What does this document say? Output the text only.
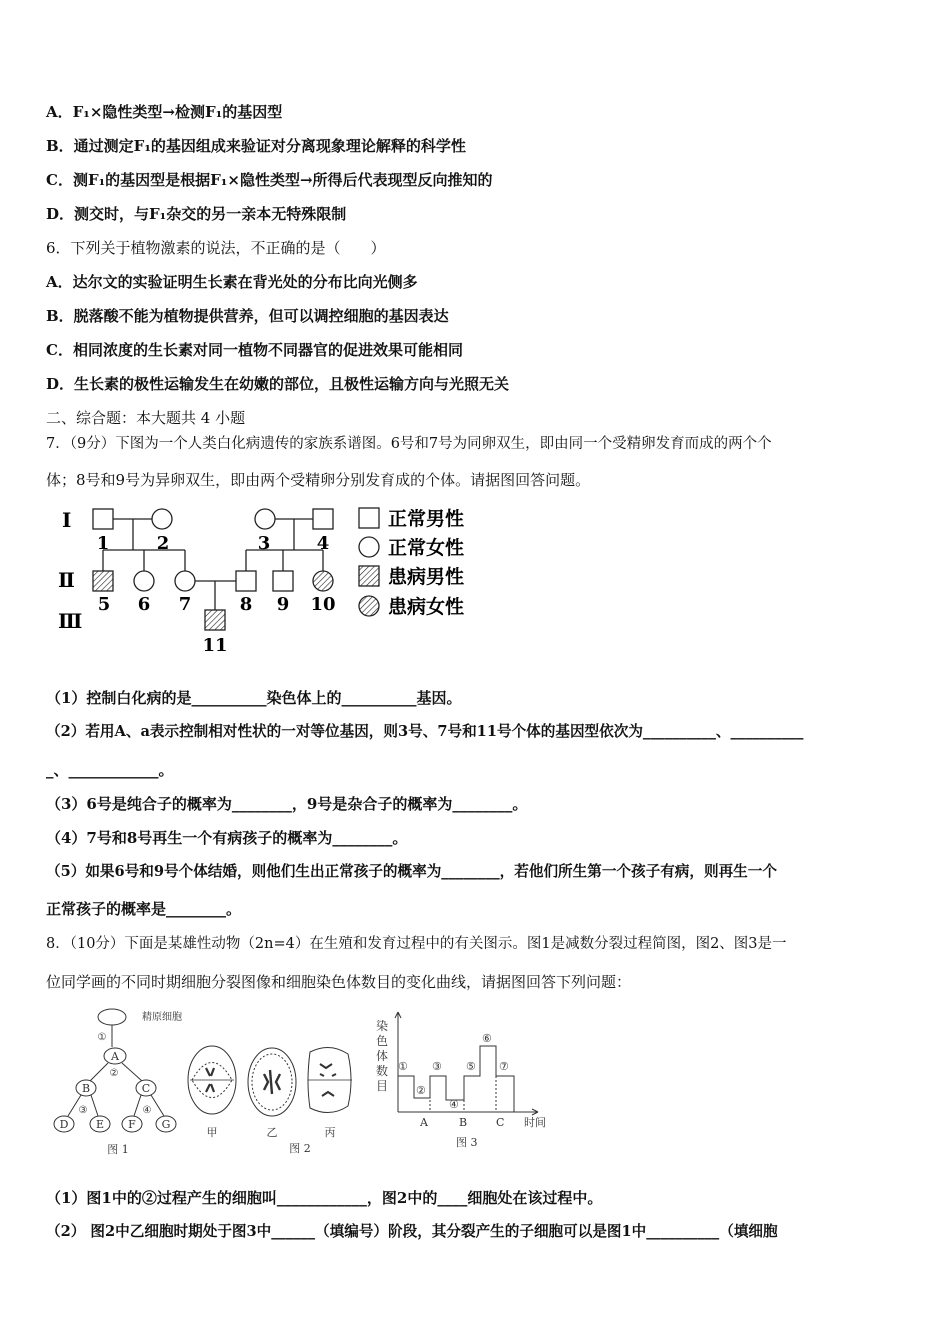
A．F₁×隐性类型→检测F₁的基因型
B．通过测定F₁的基因组成来验证对分离现象理论解释的科学性
C．测F₁的基因型是根据F₁×隐性类型→所得后代表现型反向推知的
D．测交时，与F₁杂交的另一亲本无特殊限制
6．下列关于植物激素的说法，不正确的是（　　）
A．达尔文的实验证明生长素在背光处的分布比向光侧多
B．脱落酸不能为植物提供营养，但可以调控细胞的基因表达
C．相同浓度的生长素对同一植物不同器官的促进效果可能相同
D．生长素的极性运输发生在幼嫩的部位，且极性运输方向与光照无关
二、综合题：本大题共 4 小题
7．（9分）下图为一个人类白化病遗传的家族系谱图。6号和7号为同卵双生，即由同一个受精卵发育而成的两个个
体；8号和9号为异卵双生，即由两个受精卵分别发育成的个体。请据图回答问题。
Ⅰ
Ⅱ
Ⅲ
1	2	3	4
5 6 7	8 9 10
11
正常男性
正常女性
患病男性
患病女性
（1）控制白化病的是__________染色体上的__________基因。
（2）若用A、a表示控制相对性状的一对等位基因，则3号、7号和11号个体的基因型依次为__________、__________
_、____________。
（3）6号是纯合子的概率为________，9号是杂合子的概率为________。
（4）7号和8号再生一个有病孩子的概率为________。
（5）如果6号和9号个体结婚，则他们生出正常孩子的概率为________，若他们所生第一个孩子有病，则再生一个
正常孩子的概率是________。
8．（10分）下面是某雄性动物（2n=4）在生殖和发育过程中的有关图示。图1是减数分裂过程简图，图2、图3是一
位同学画的不同时期细胞分裂图像和细胞染色体数目的变化曲线，请据图回答下列问题：
精原细胞
①
A
②
B	C
③	④
D	E F G
图 1
甲	乙	丙
图 2
染
色
体
数
目
①
②
③
④
⑤
⑥
⑦
A	B	C 时间
图 3
（1）图1中的②过程产生的细胞叫____________，图2中的____细胞处在该过程中。
（2） 图2中乙细胞时期处于图3中______（填编号）阶段，其分裂产生的子细胞可以是图1中__________（填细胞
